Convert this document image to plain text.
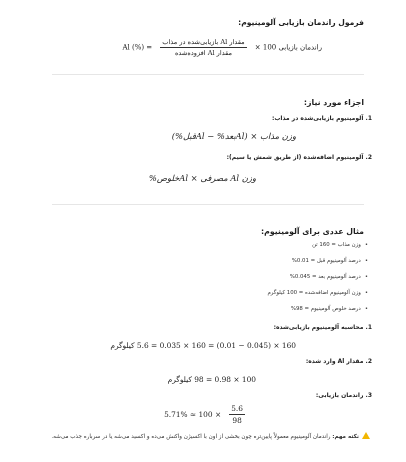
فرمول راندمان بازیابی آلومینیوم:
راندمان بازیابی Al (%) =
$\frac{\text{مقدار Al بازیابی‌شده در مذاب}}{\text{مقدار Al افزوده‌شده}} \times 100$
اجزاء مورد نیاز:
1. آلومینیوم بازیابی‌شده در مذاب:
وزن مذاب × (Alبعد% − Alقبل%)
2. آلومینیوم اضافه‌شده (از طریق شمش یا سیم):
وزن Al مصرفی × Alخلوص%
مثال عددی برای آلومینیوم:
• وزن مذاب = 160 تن
• درصد آلومینیوم قبل = 0.01%
• درصد آلومینیوم بعد = 0.045%
• وزن آلومینیوم اضافه‌شده = 100 کیلوگرم
• درصد خلوص آلومینیوم = 98%
1. محاسبه آلومینیوم بازیابی‌شده:
160 × (0.045 − 0.01) = 160 × 0.035 = 5.6 کیلوگرم
2. مقدار Al وارد شده:
100 × 0.98 = 98 کیلوگرم
3. راندمان بازیابی:
$\frac{5.6}{98}$
× 100 ≈ 5.71%
نکته مهم: راندمان آلومینیوم معمولاً پایین‌تره چون بخشی از اون با اکسیژن واکنش می‌ده و اکسید می‌شه یا در سرباره جذب می‌شه.
